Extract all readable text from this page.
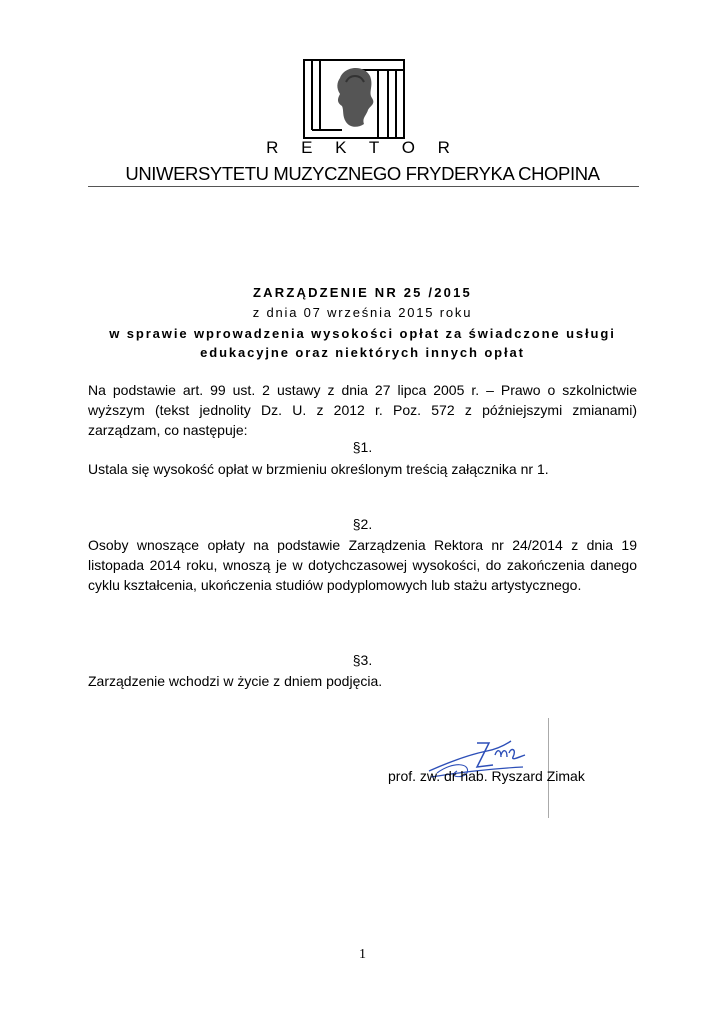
R E K T O R
UNIWERSYTETU MUZYCZNEGO FRYDERYKA CHOPINA
ZARZĄDZENIE NR 25 /2015
z dnia 07 września 2015 roku
w sprawie wprowadzenia wysokości opłat za świadczone usługi
edukacyjne oraz niektórych innych opłat
Na podstawie art. 99 ust. 2 ustawy z dnia 27 lipca 2005 r. – Prawo o szkolnictwie wyższym (tekst jednolity Dz. U. z 2012 r. Poz. 572 z późniejszymi zmianami) zarządzam, co następuje:
§1.
Ustala się wysokość opłat w brzmieniu określonym treścią załącznika nr 1.
§2.
Osoby wnoszące opłaty na podstawie Zarządzenia Rektora nr 24/2014 z dnia 19 listopada 2014 roku, wnoszą je w dotychczasowej wysokości, do zakończenia danego cyklu kształcenia, ukończenia studiów podyplomowych lub stażu artystycznego.
§3.
Zarządzenie wchodzi w życie z dniem podjęcia.
prof. zw. dr hab. Ryszard Zimak
1
